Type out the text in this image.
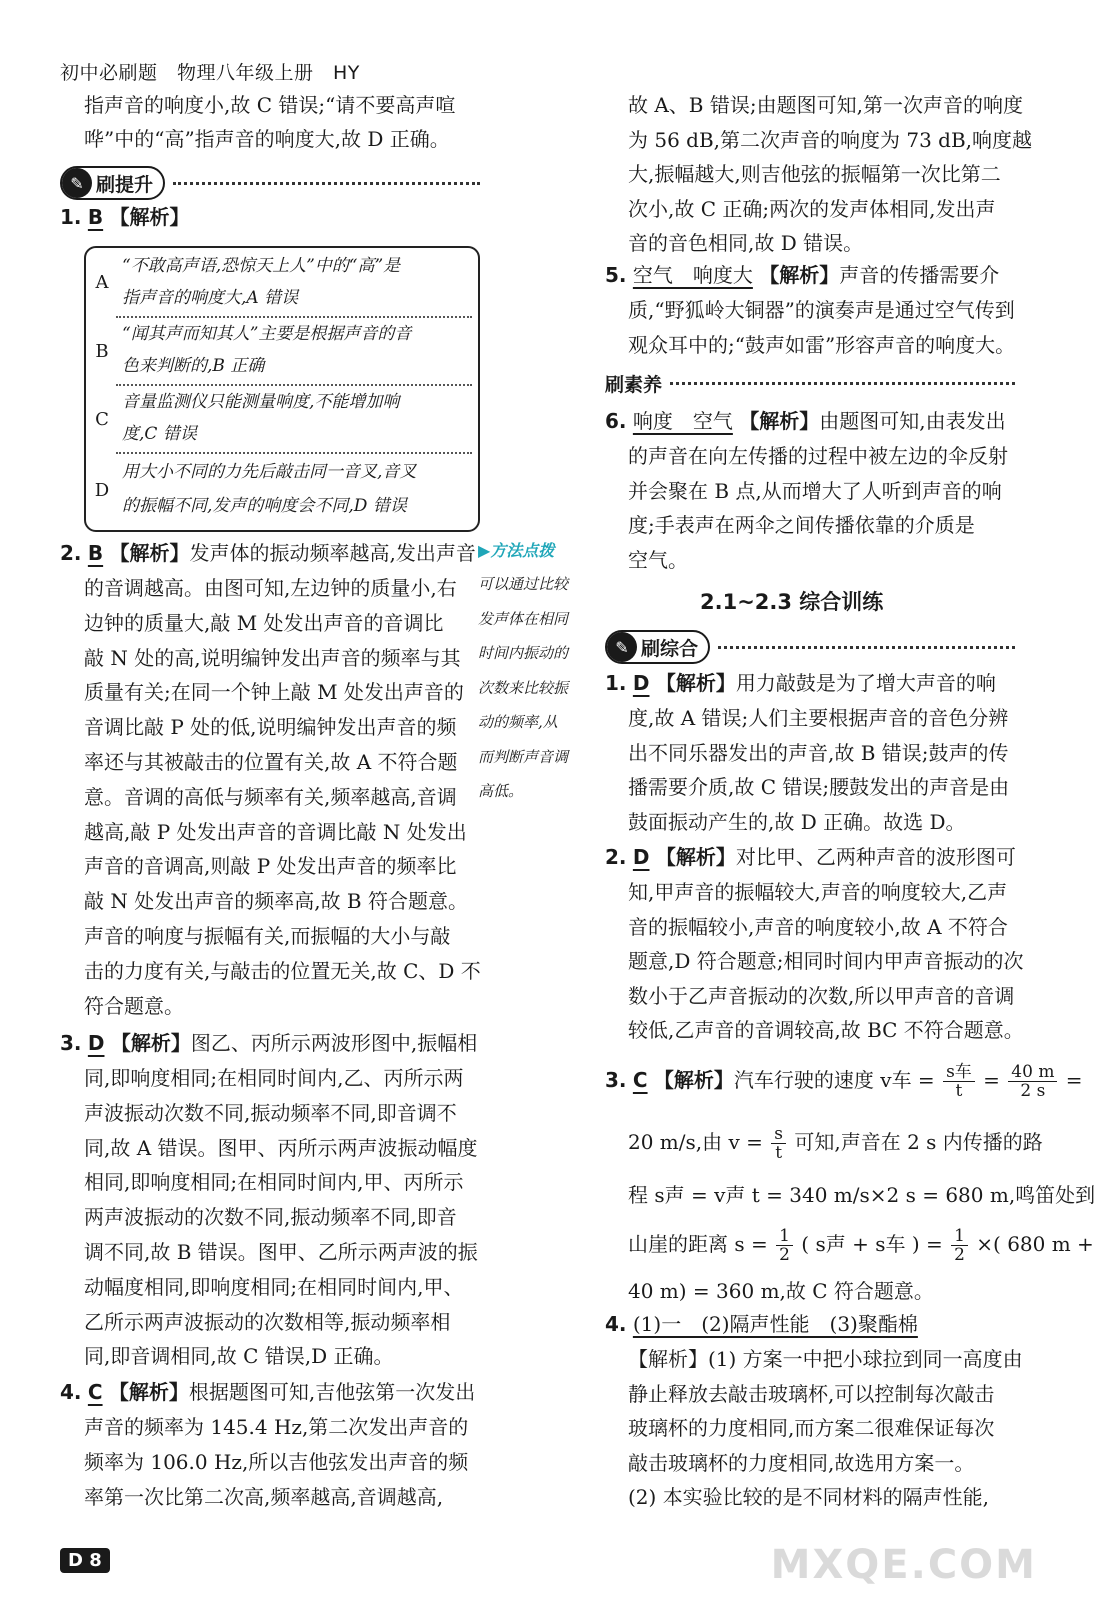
初中必刷题　物理八年级上册　HY

指声音的响度小,故 C 错误;“请不要高声喧

哗”中的“高”指声音的响度大,故 D 正确。

✎ 刷提升

1. B 【解析】

A
“不敢高声语,恐惊天上人”中的“高”是
指声音的响度大,A 错误
B
“闻其声而知其人”主要是根据声音的音
色来判断的,B 正确
C
音量监测仪只能测量响度,不能增加响
度,C 错误
D
用大小不同的力先后敲击同一音叉,音叉
的振幅不同,发声的响度会不同,D 错误

2. B 【解析】发声体的振动频率越高,发出声音

的音调越高。由图可知,左边钟的质量小,右

边钟的质量大,敲 M 处发出声音的音调比

敲 N 处的高,说明编钟发出声音的频率与其

质量有关;在同一个钟上敲 M 处发出声音的

音调比敲 P 处的低,说明编钟发出声音的频

率还与其被敲击的位置有关,故 A 不符合题

意。音调的高低与频率有关,频率越高,音调

越高,敲 P 处发出声音的音调比敲 N 处发出

声音的音调高,则敲 P 处发出声音的频率比

敲 N 处发出声音的频率高,故 B 符合题意。

声音的响度与振幅有关,而振幅的大小与敲

击的力度有关,与敲击的位置无关,故 C、D 不

符合题意。

▶方法点拨
可以通过比较
发声体在相同
时间内振动的
次数来比较振
动的频率,从
而判断声音调
高低。

3. D 【解析】图乙、丙所示两波形图中,振幅相

同,即响度相同;在相同时间内,乙、丙所示两

声波振动次数不同,振动频率不同,即音调不

同,故 A 错误。图甲、丙所示两声波振动幅度

相同,即响度相同;在相同时间内,甲、丙所示

两声波振动的次数不同,振动频率不同,即音

调不同,故 B 错误。图甲、乙所示两声波的振

动幅度相同,即响度相同;在相同时间内,甲、

乙所示两声波振动的次数相等,振动频率相

同,即音调相同,故 C 错误,D 正确。

4. C 【解析】根据题图可知,吉他弦第一次发出

声音的频率为 145.4 Hz,第二次发出声音的

频率为 106.0 Hz,所以吉他弦发出声音的频

率第一次比第二次高,频率越高,音调越高,

D 8

故 A、B 错误;由题图可知,第一次声音的响度

为 56 dB,第二次声音的响度为 73 dB,响度越

大,振幅越大,则吉他弦的振幅第一次比第二

次小,故 C 正确;两次的发声体相同,发出声

音的音色相同,故 D 错误。

5. 空气　响度大 【解析】声音的传播需要介

质,“野狐岭大铜器”的演奏声是通过空气传到

观众耳中的;“鼓声如雷”形容声音的响度大。

刷素养

6. 响度　空气 【解析】由题图可知,由表发出

的声音在向左传播的过程中被左边的伞反射

并会聚在 B 点,从而增大了人听到声音的响

度;手表声在两伞之间传播依靠的介质是

空气。

2.1~2.3 综合训练
✎ 刷综合

1. D 【解析】用力敲鼓是为了增大声音的响

度,故 A 错误;人们主要根据声音的音色分辨

出不同乐器发出的声音,故 B 错误;鼓声的传

播需要介质,故 C 错误;腰鼓发出的声音是由

鼓面振动产生的,故 D 正确。故选 D。

2. D 【解析】对比甲、乙两种声音的波形图可

知,甲声音的振幅较大,声音的响度较大,乙声

音的振幅较小,声音的响度较小,故 A 不符合

题意,D 符合题意;相同时间内甲声音振动的次

数小于乙声音振动的次数,所以甲声音的音调

较低,乙声音的音调较高,故 BC 不符合题意。

3. C 【解析】汽车行驶的速度 v车 = $\frac{\text{s车}}{t} = \frac{40 m}{2 s}$ =
20 m/s,由 $v = \frac{s}{t}$ 可知,声音在 2 s 内传播的路

程 s声 = v声 t = 340 m/s×2 s = 680 m,鸣笛处到

山崖的距离 $s = \frac{1}{2}$ ( s声 + s车 ) = $\frac{1}{2}$ ×( 680 m +

40 m) = 360 m,故 C 符合题意。

4. (1)一　(2)隔声性能　(3)聚酯棉

【解析】(1) 方案一中把小球拉到同一高度由

静止释放去敲击玻璃杯,可以控制每次敲击

玻璃杯的力度相同,而方案二很难保证每次

敲击玻璃杯的力度相同,故选用方案一。

(2) 本实验比较的是不同材料的隔声性能,

MXQE.COM
